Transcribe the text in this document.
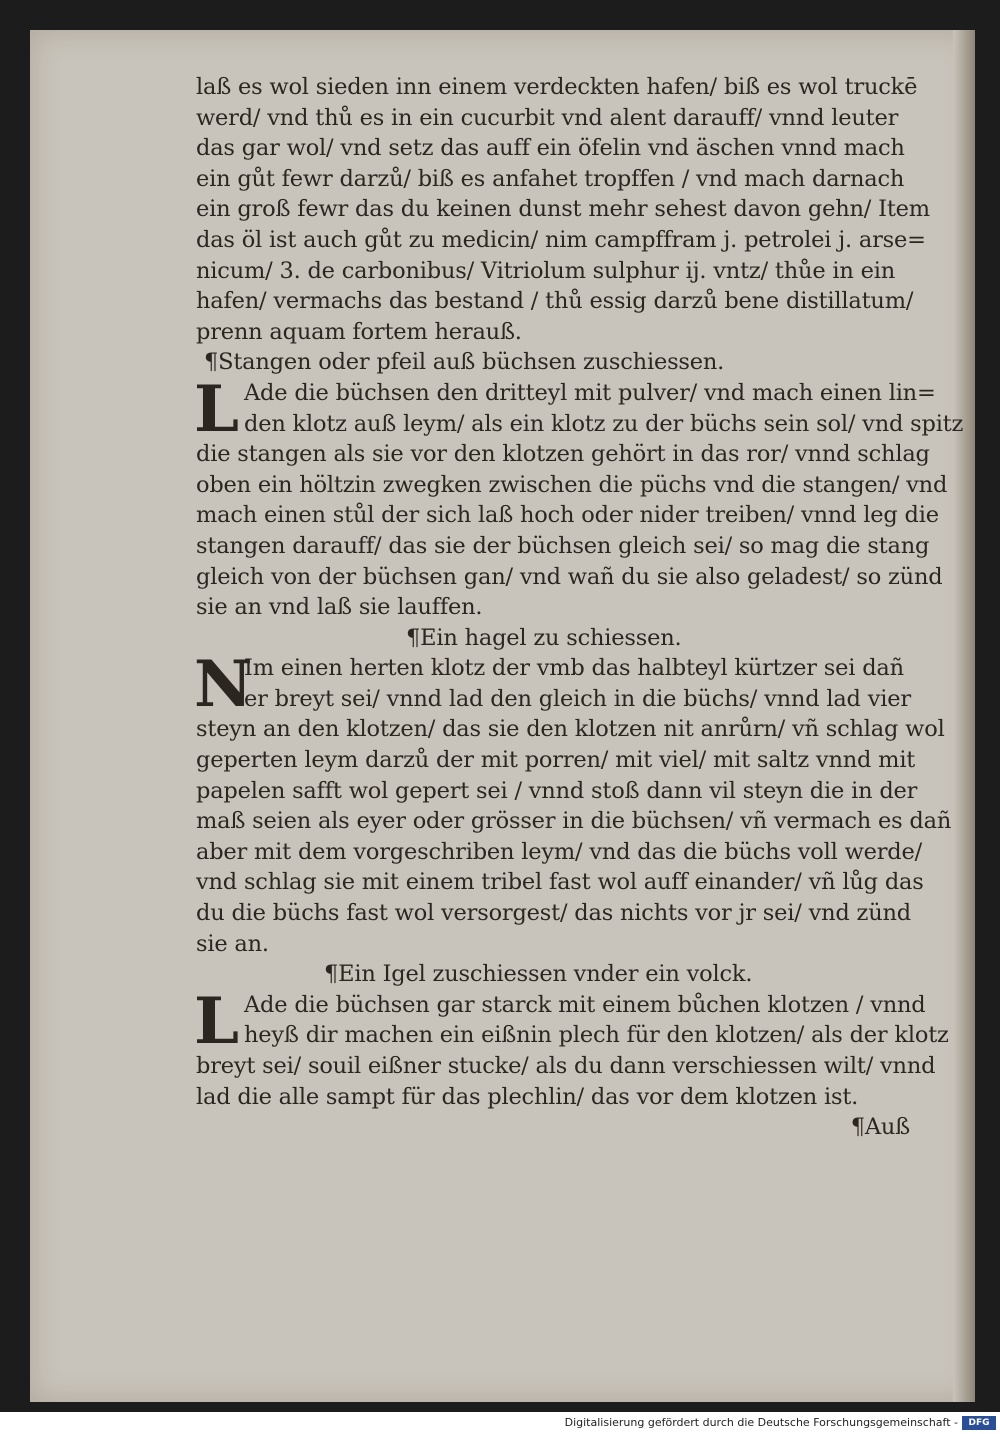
laß es wol sieden inn einem verdeckten hafen/ biß es wol truckē
werd/ vnd thů es in ein cucurbit vnd alent darauff/ vnnd leuter
das gar wol/ vnd setz das auff ein öfelin vnd äschen vnnd mach
ein gůt fewr darzů/ biß es anfahet tropffen / vnd mach darnach
ein groß fewr das du keinen dunst mehr sehest davon gehn/ Item
das öl ist auch gůt zu medicin/ nim campffram j. petrolei j. arse=
nicum/ 3. de carbonibus/ Vitriolum sulphur ij. vntz/ thůe in ein
hafen/ vermachs das bestand / thů essig darzů bene distillatum/
prenn aquam fortem herauß.
¶Stangen oder pfeil auß büchsen zuschiessen.
L Ade die büchsen den dritteyl mit pulver/ vnd mach einen lin=
den klotz auß leym/ als ein klotz zu der büchs sein sol/ vnd spitz
die stangen als sie vor den klotzen gehört in das ror/ vnnd schlag
oben ein höltzin zwegken zwischen die püchs vnd die stangen/ vnd
mach einen stůl der sich laß hoch oder nider treiben/ vnnd leg die
stangen darauff/ das sie der büchsen gleich sei/ so mag die stang
gleich von der büchsen gan/ vnd wañ du sie also geladest/ so zünd
sie an vnd laß sie lauffen.
¶Ein hagel zu schiessen.
N
Im einen herten klotz der vmb das halbteyl kürtzer sei dañ
er breyt sei/ vnnd lad den gleich in die büchs/ vnnd lad vier
steyn an den klotzen/ das sie den klotzen nit anrůrn/ vñ schlag wol
geperten leym darzů der mit porren/ mit viel/ mit saltz vnnd mit
papelen safft wol gepert sei / vnnd stoß dann vil steyn die in der
maß seien als eyer oder grösser in die büchsen/ vñ vermach es dañ
aber mit dem vorgeschriben leym/ vnd das die büchs voll werde/
vnd schlag sie mit einem tribel fast wol auff einander/ vñ lůg das
du die büchs fast wol versorgest/ das nichts vor jr sei/ vnd zünd
sie an.
¶Ein Igel zuschiessen vnder ein volck.
L Ade die büchsen gar starck mit einem bůchen klotzen / vnnd
heyß dir machen ein eißnin plech für den klotzen/ als der klotz
breyt sei/ souil eißner stucke/ als du dann verschiessen wilt/ vnnd
lad die alle sampt für das plechlin/ das vor dem klotzen ist.
¶Auß
Digitalisierung gefördert durch die Deutsche Forschungsgemeinschaft -	DFG
